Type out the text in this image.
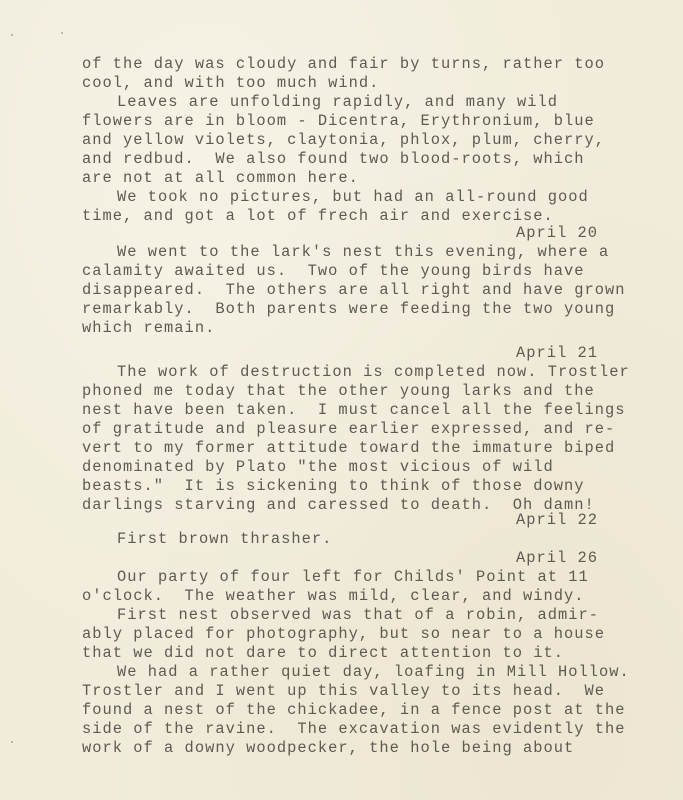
of the day was cloudy and fair by turns, rather too
cool, and with too much wind.
Leaves are unfolding rapidly, and many wild
flowers are in bloom - Dicentra, Erythronium, blue
and yellow violets, claytonia, phlox, plum, cherry,
and redbud.  We also found two blood-roots, which
are not at all common here.
We took no pictures, but had an all-round good
time, and got a lot of freсh air and exercise.
April 20
We went to the lark's nest this evening, where a
calamity awaited us.  Two of the young birds have
disappeared.  The others are all right and have grown
remarkably.  Both parents were feeding the two young
which remain.
April 21
The work of destruction is completed now. Trostler
phoned me today that the other young larks and the
nest have been taken.  I must cancel all the feelings
of gratitude and pleasure earlier expressed, and re-
vert to my former attitude toward the immature biped
denominated by Plato "the most vicious of wild
beasts."  It is sickening to think of those downy
darlings starving and caressed to death.  Oh damn!
April 22
First brown thrasher.
April 26
Our party of four left for Childs' Point at 11
o'clock.  The weather was mild, clear, and windy.
First nest observed was that of a robin, admir-
ably placed for photography, but so near to a house
that we did not dare to direct attention to it.
We had a rather quiet day, loafing in Mill Hollow.
Trostler and I went up this valley to its head.  We
found a nest of the chickadee, in a fence post at the
side of the ravine.  The excavation was evidently the
work of a downy woodpecker, the hole being about
